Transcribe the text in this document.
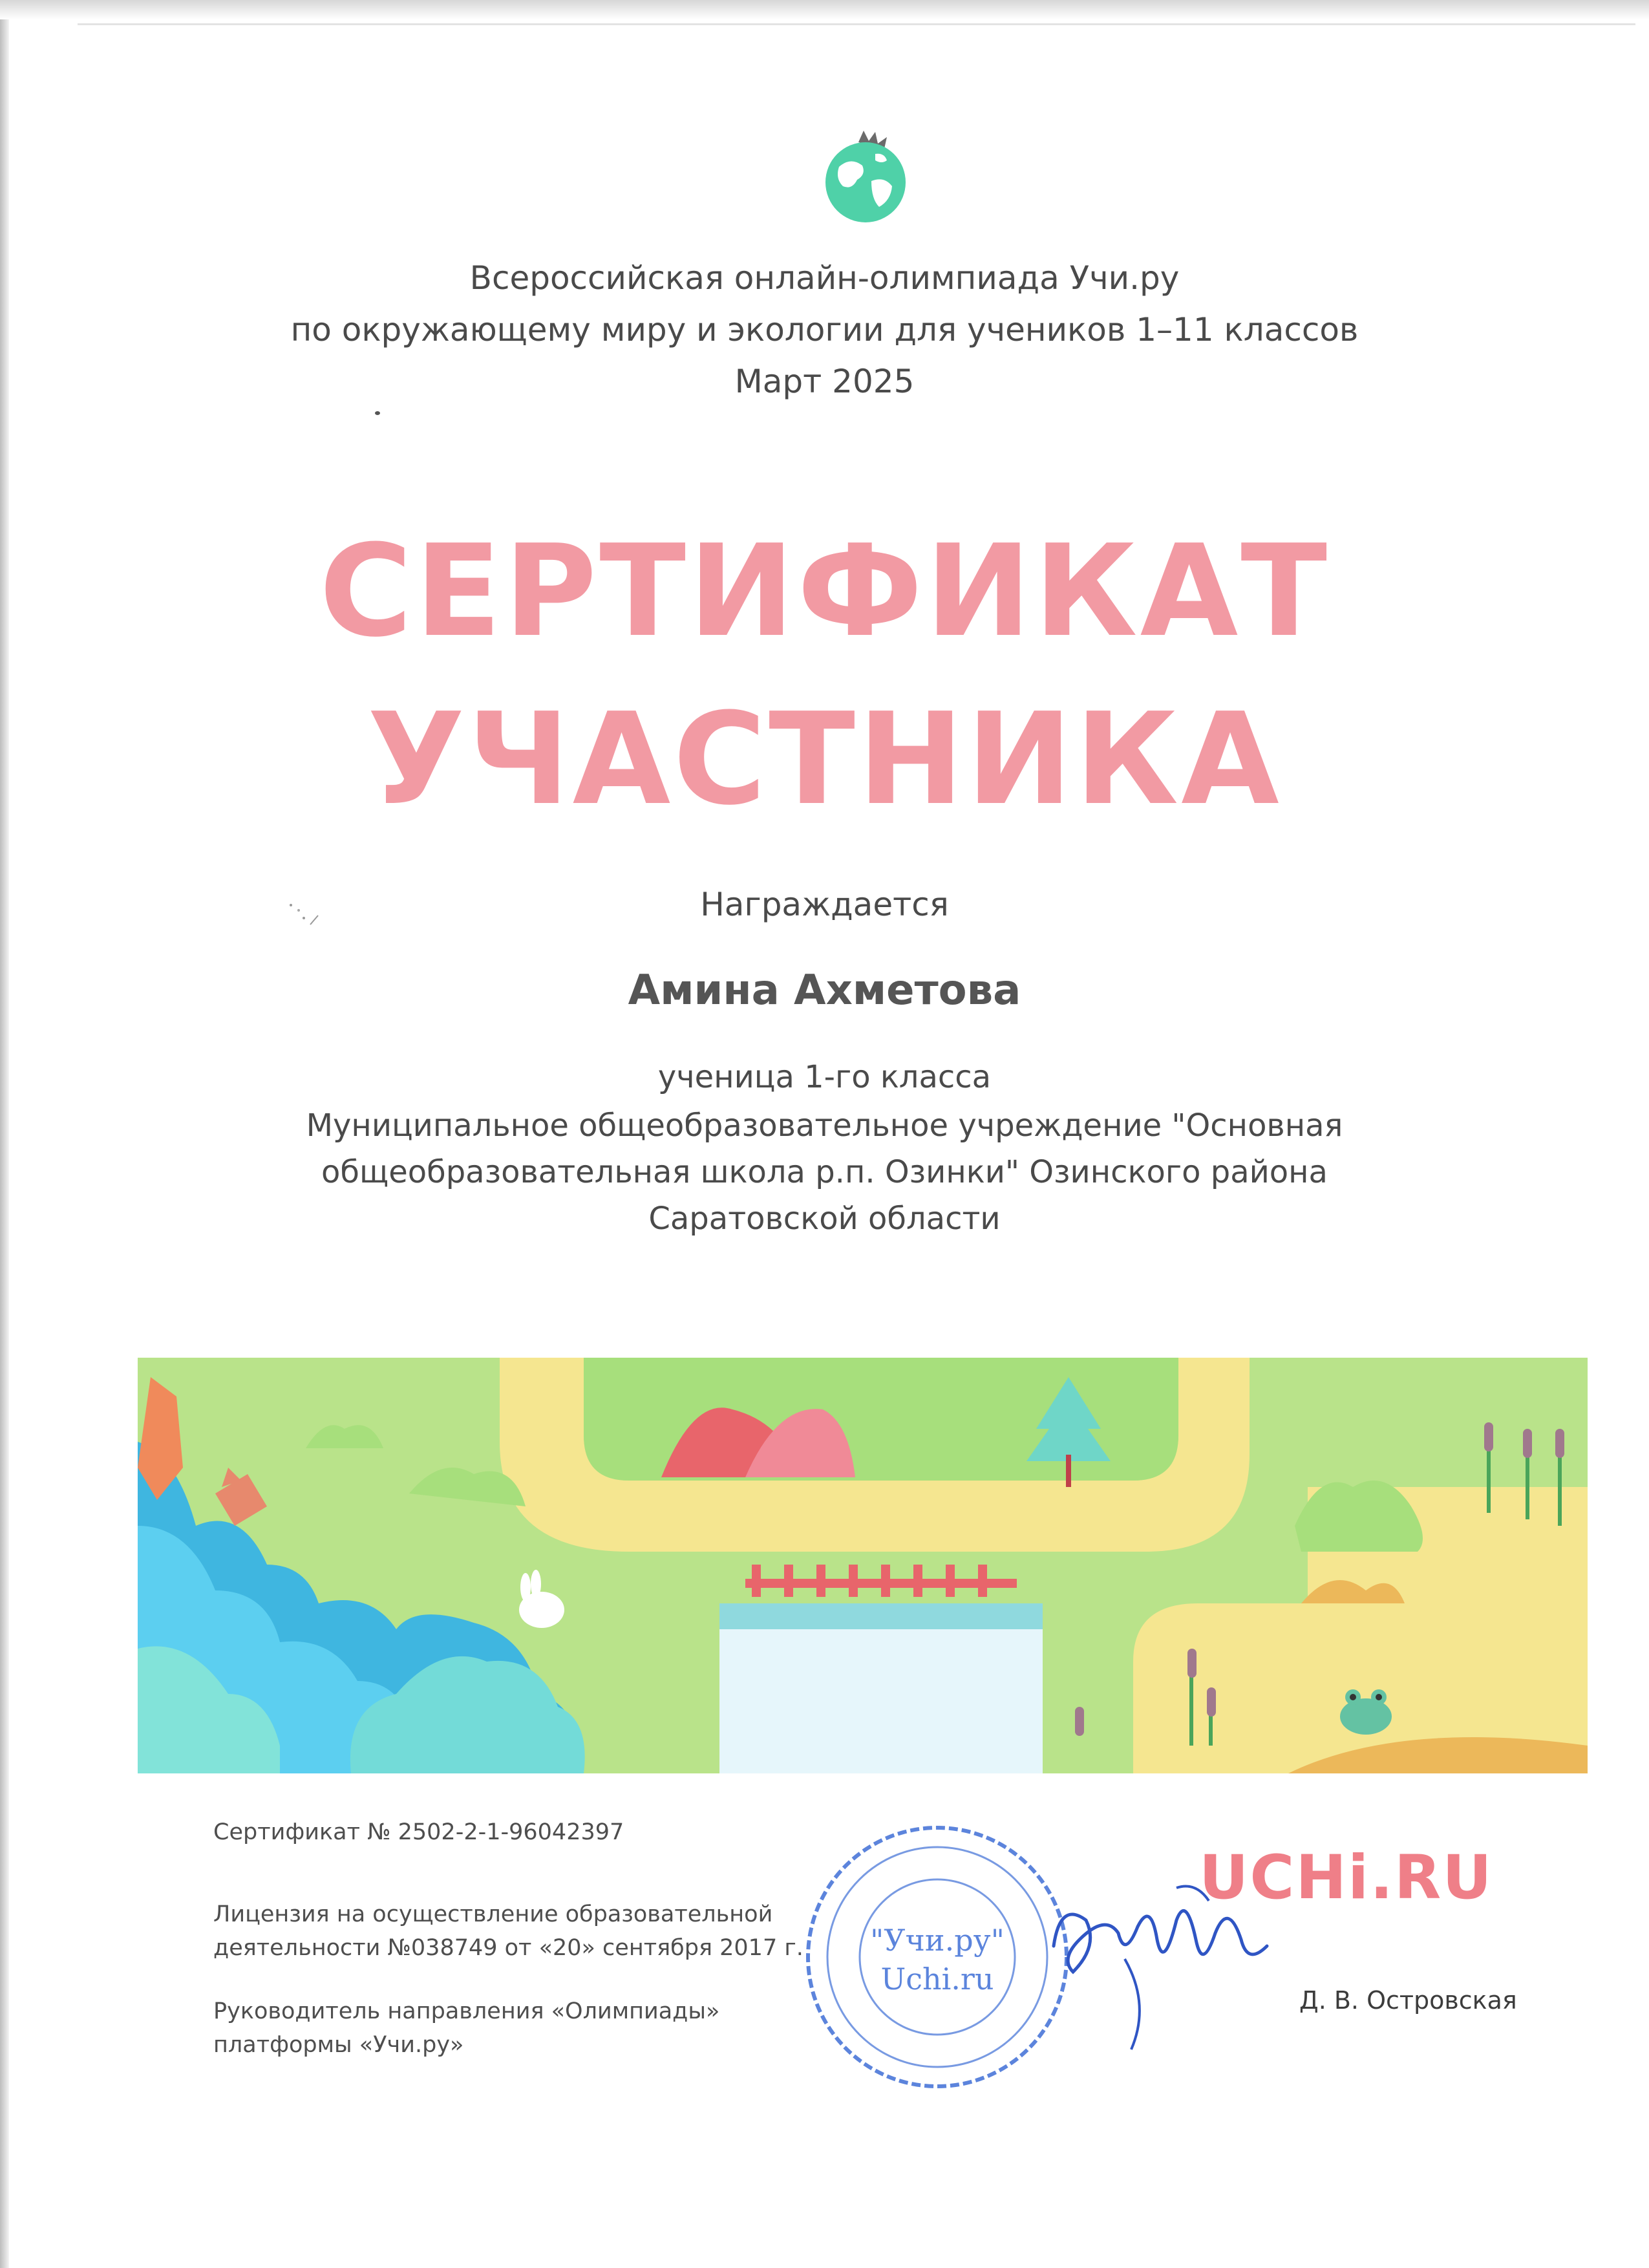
Всероссийская онлайн-олимпиада Учи.ру
по окружающему миру и экологии для учеников 1–11 классов
Март 2025
СЕРТИФИКАТ
УЧАСТНИКА
Награждается
Амина Ахметова
ученица 1-го класса
Муниципальное общеобразовательное учреждение "Основная
общеобразовательная школа р.п. Озинки" Озинского района
Саратовской области
Сертификат № 2502-2-1-96042397
Лицензия на осуществление образовательной
деятельности №038749 от «20» сентября 2017 г.
Руководитель направления «Олимпиады»
платформы «Учи.ру»
"Учи.ру"
Uchi.ru
UCHi.RU
Д. В. Островская
